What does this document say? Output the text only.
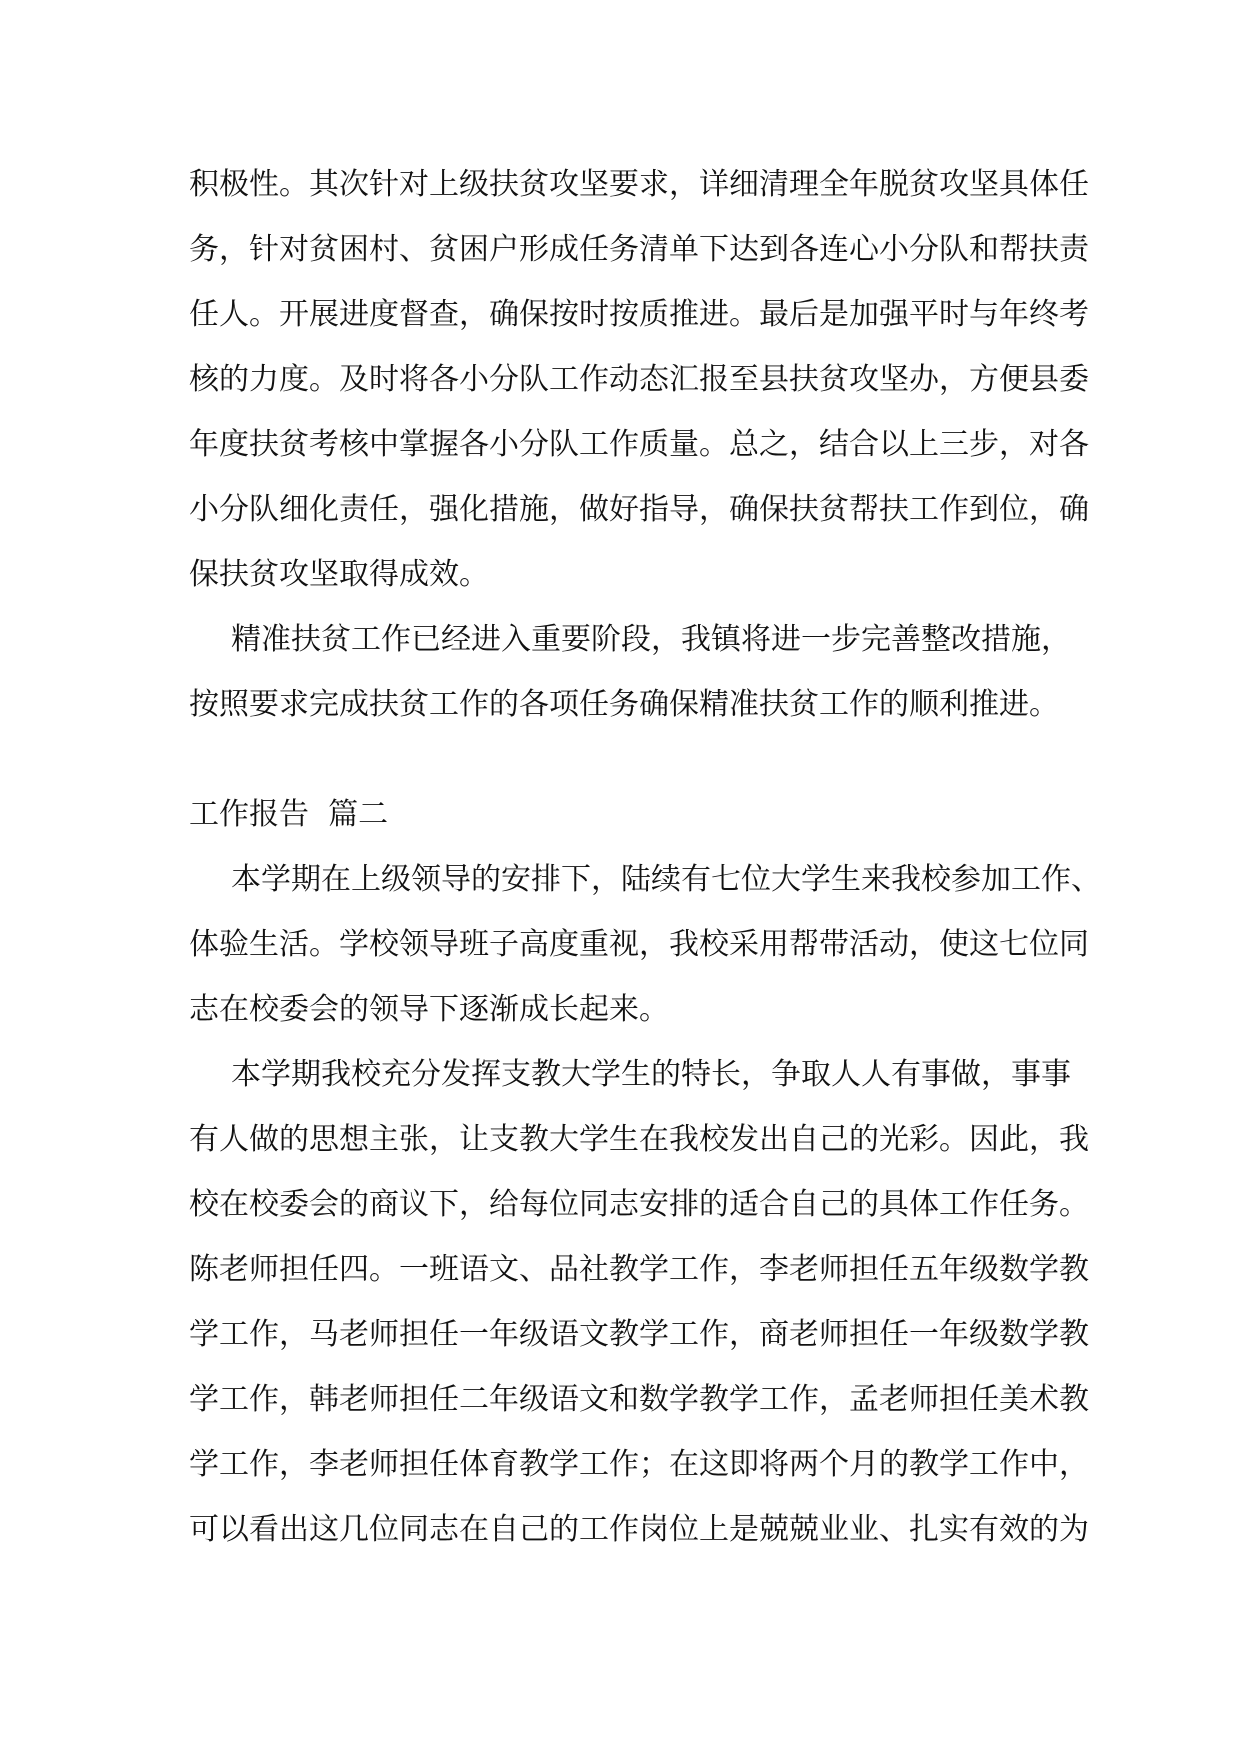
积极性。其次针对上级扶贫攻坚要求，详细清理全年脱贫攻坚具体任
务，针对贫困村、贫困户形成任务清单下达到各连心小分队和帮扶责
任人。开展进度督查，确保按时按质推进。最后是加强平时与年终考
核的力度。及时将各小分队工作动态汇报至县扶贫攻坚办，方便县委
年度扶贫考核中掌握各小分队工作质量。总之，结合以上三步，对各
小分队细化责任，强化措施，做好指导，确保扶贫帮扶工作到位，确
保扶贫攻坚取得成效。
精准扶贫工作已经进入重要阶段，我镇将进一步完善整改措施，
按照要求完成扶贫工作的各项任务确保精准扶贫工作的顺利推进。
工作报告  篇二
本学期在上级领导的安排下，陆续有七位大学生来我校参加工作、
体验生活。学校领导班子高度重视，我校采用帮带活动，使这七位同
志在校委会的领导下逐渐成长起来。
本学期我校充分发挥支教大学生的特长，争取人人有事做，事事
有人做的思想主张，让支教大学生在我校发出自己的光彩。因此，我
校在校委会的商议下，给每位同志安排的适合自己的具体工作任务。
陈老师担任四。一班语文、品社教学工作，李老师担任五年级数学教
学工作，马老师担任一年级语文教学工作，商老师担任一年级数学教
学工作，韩老师担任二年级语文和数学教学工作，孟老师担任美术教
学工作，李老师担任体育教学工作；在这即将两个月的教学工作中，
可以看出这几位同志在自己的工作岗位上是兢兢业业、扎实有效的为
